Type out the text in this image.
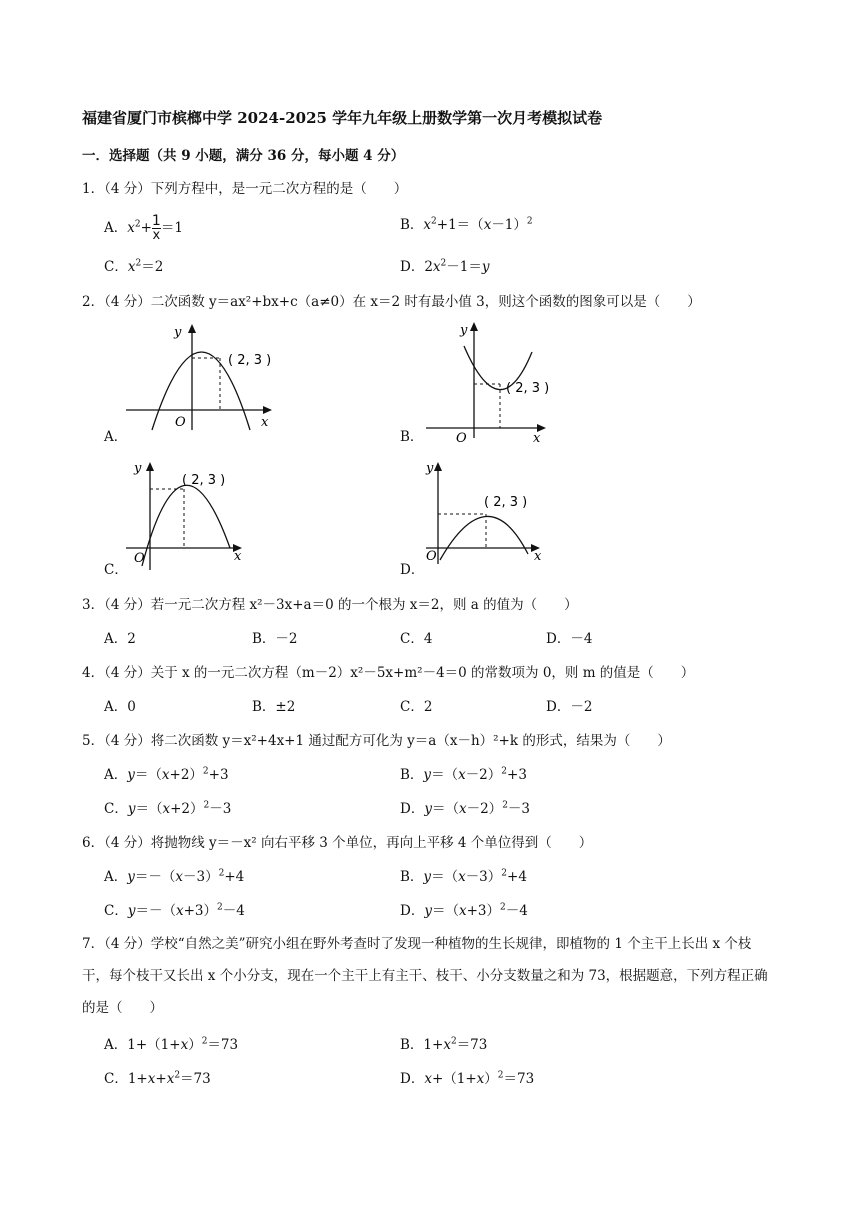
福建省厦门市槟榔中学 2024-2025 学年九年级上册数学第一次月考模拟试卷
一．选择题（共 9 小题，满分 36 分，每小题 4 分）
1．（4 分）下列方程中，是一元二次方程的是（　　）
A．$x^2+ \frac{1}{x} =1$	B．$x^2+1=(x-1)^2$
C．$x^2=2$	D．$2x^2-1=y$
2．（4 分）二次函数 y＝ax²+bx+c（a≠0）在 x＝2 时有最小值 3，则这个函数的图象可以是（　　）
A．	B．
C．	D．
( 2, 3 )
O	x
y
( 2, 3 )
O	x
y
( 2, 3 )
O	x
y
( 2, 3 )
O	x
y
3．（4 分）若一元二次方程 x²－3x+a＝0 的一个根为 x＝2，则 a 的值为（　　）
A．2	B．－2	C．4	D．－4
4．（4 分）关于 x 的一元二次方程（m－2）x²－5x+m²－4＝0 的常数项为 0，则 m 的值是（　　）
A．0	B．±2	C．2	D．－2
5．（4 分）将二次函数 y＝x²+4x+1 通过配方可化为 y＝a（x－h）²+k 的形式，结果为（　　）
A．$y=(x+2)^2+3$	B．$y=(x-2)^2+3$
C．$y=(x+2)^2-3$	D．$y=(x-2)^2-3$
6．（4 分）将抛物线 y＝－x² 向右平移 3 个单位，再向上平移 4 个单位得到（　　）
A．$y=-(x-3)^2+4$	B．$y=(x-3)^2+4$
C．$y=-(x+3)^2-4$	D．$y=(x+3)^2-4$
7．（4 分）学校“自然之美”研究小组在野外考查时了发现一种植物的生长规律，即植物的 1 个主干上长出 x 个枝干，每个枝干又长出 x 个小分支，现在一个主干上有主干、枝干、小分支数量之和为 73，根据题意，下列方程正确的是（　　）
A．$1+(1+x)^2=73$	B．$1+x^2=73$
C．$1+x+x^2=73$	D．$x+(1+x)^2=73$
